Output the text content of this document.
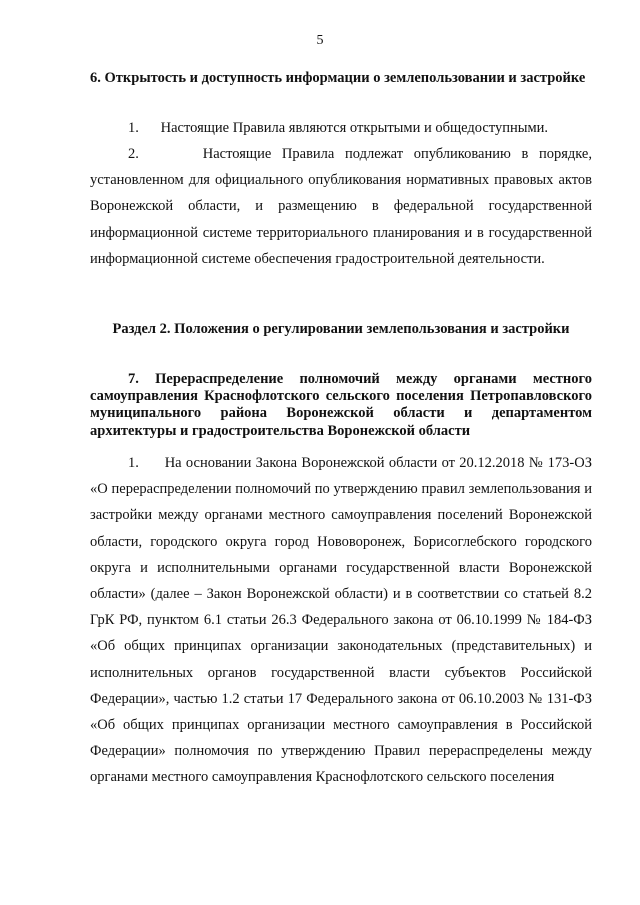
5
6. Открытость и доступность информации о землепользовании и застройке
1.      Настоящие Правила являются открытыми и общедоступными.
2.      Настоящие Правила подлежат опубликованию в порядке, установленном для официального опубликования нормативных правовых актов Воронежской области, и размещению в федеральной государственной информационной системе территориального планирования и в государственной информационной системе обеспечения градостроительной деятельности.
Раздел 2. Положения о регулировании землепользования и застройки
7. Перераспределение полномочий между органами местного самоуправления Краснофлотского сельского поселения Петропавловского муниципального района Воронежской области и департаментом архитектуры и градостроительства Воронежской области
1.      На основании Закона Воронежской области от 20.12.2018 № 173-ОЗ «О перераспределении полномочий по утверждению правил землепользования и застройки между органами местного самоуправления поселений Воронежской области, городского округа город Нововоронеж, Борисоглебского городского округа и исполнительными органами государственной власти Воронежской области» (далее – Закон Воронежской области) и в соответствии со статьей 8.2 ГрК РФ, пунктом 6.1 статьи 26.3 Федерального закона от 06.10.1999 № 184-ФЗ «Об общих принципах организации законодательных (представительных) и исполнительных органов государственной власти субъектов Российской Федерации», частью 1.2 статьи 17 Федерального закона от 06.10.2003 № 131-ФЗ «Об общих принципах организации местного самоуправления в Российской Федерации» полномочия по утверждению Правил перераспределены между органами местного самоуправления Краснофлотского сельского поселения
